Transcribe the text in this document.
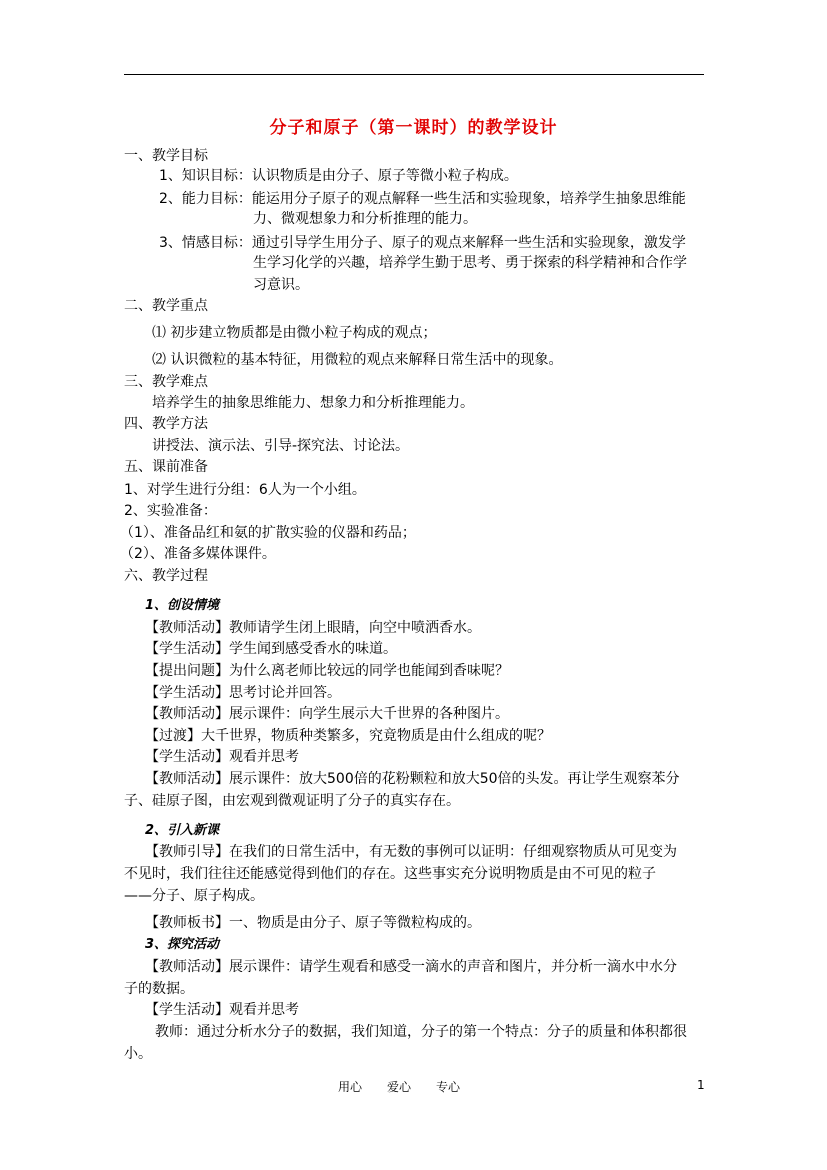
分子和原子（第一课时）的教学设计
一、教学目标
1、知识目标：认识物质是由分子、原子等微小粒子构成。
2、能力目标：能运用分子原子的观点解释一些生活和实验现象，培养学生抽象思维能
力、微观想象力和分析推理的能力。
3、情感目标：通过引导学生用分子、原子的观点来解释一些生活和实验现象，激发学
生学习化学的兴趣，培养学生勤于思考、勇于探索的科学精神和合作学
习意识。
二、教学重点
⑴ 初步建立物质都是由微小粒子构成的观点；
⑵ 认识微粒的基本特征，用微粒的观点来解释日常生活中的现象。
三、教学难点
培养学生的抽象思维能力、想象力和分析推理能力。
四、教学方法
讲授法、演示法、引导-探究法、讨论法。
五、课前准备
1、对学生进行分组：6人为一个小组。
2、实验准备：
（1）、准备品红和氨的扩散实验的仪器和药品；
（2）、准备多媒体课件。
六、教学过程
1、创设情境
【教师活动】教师请学生闭上眼睛，向空中喷洒香水。
【学生活动】学生闻到感受香水的味道。
【提出问题】为什么离老师比较远的同学也能闻到香味呢？
【学生活动】思考讨论并回答。
【教师活动】展示课件：向学生展示大千世界的各种图片。
【过渡】大千世界，物质种类繁多，究竟物质是由什么组成的呢？
【学生活动】观看并思考
【教师活动】展示课件：放大500倍的花粉颗粒和放大50倍的头发。再让学生观察苯分
子、硅原子图，由宏观到微观证明了分子的真实存在。
2、引入新课
【教师引导】在我们的日常生活中，有无数的事例可以证明：仔细观察物质从可见变为
不见时，我们往往还能感觉得到他们的存在。这些事实充分说明物质是由不可见的粒子
——分子、原子构成。
【教师板书】一、物质是由分子、原子等微粒构成的。
3、探究活动
【教师活动】展示课件：请学生观看和感受一滴水的声音和图片，并分析一滴水中水分
子的数据。
【学生活动】观看并思考
教师：通过分析水分子的数据，我们知道，分子的第一个特点：分子的质量和体积都很
小。
用心 爱心 专心	1
